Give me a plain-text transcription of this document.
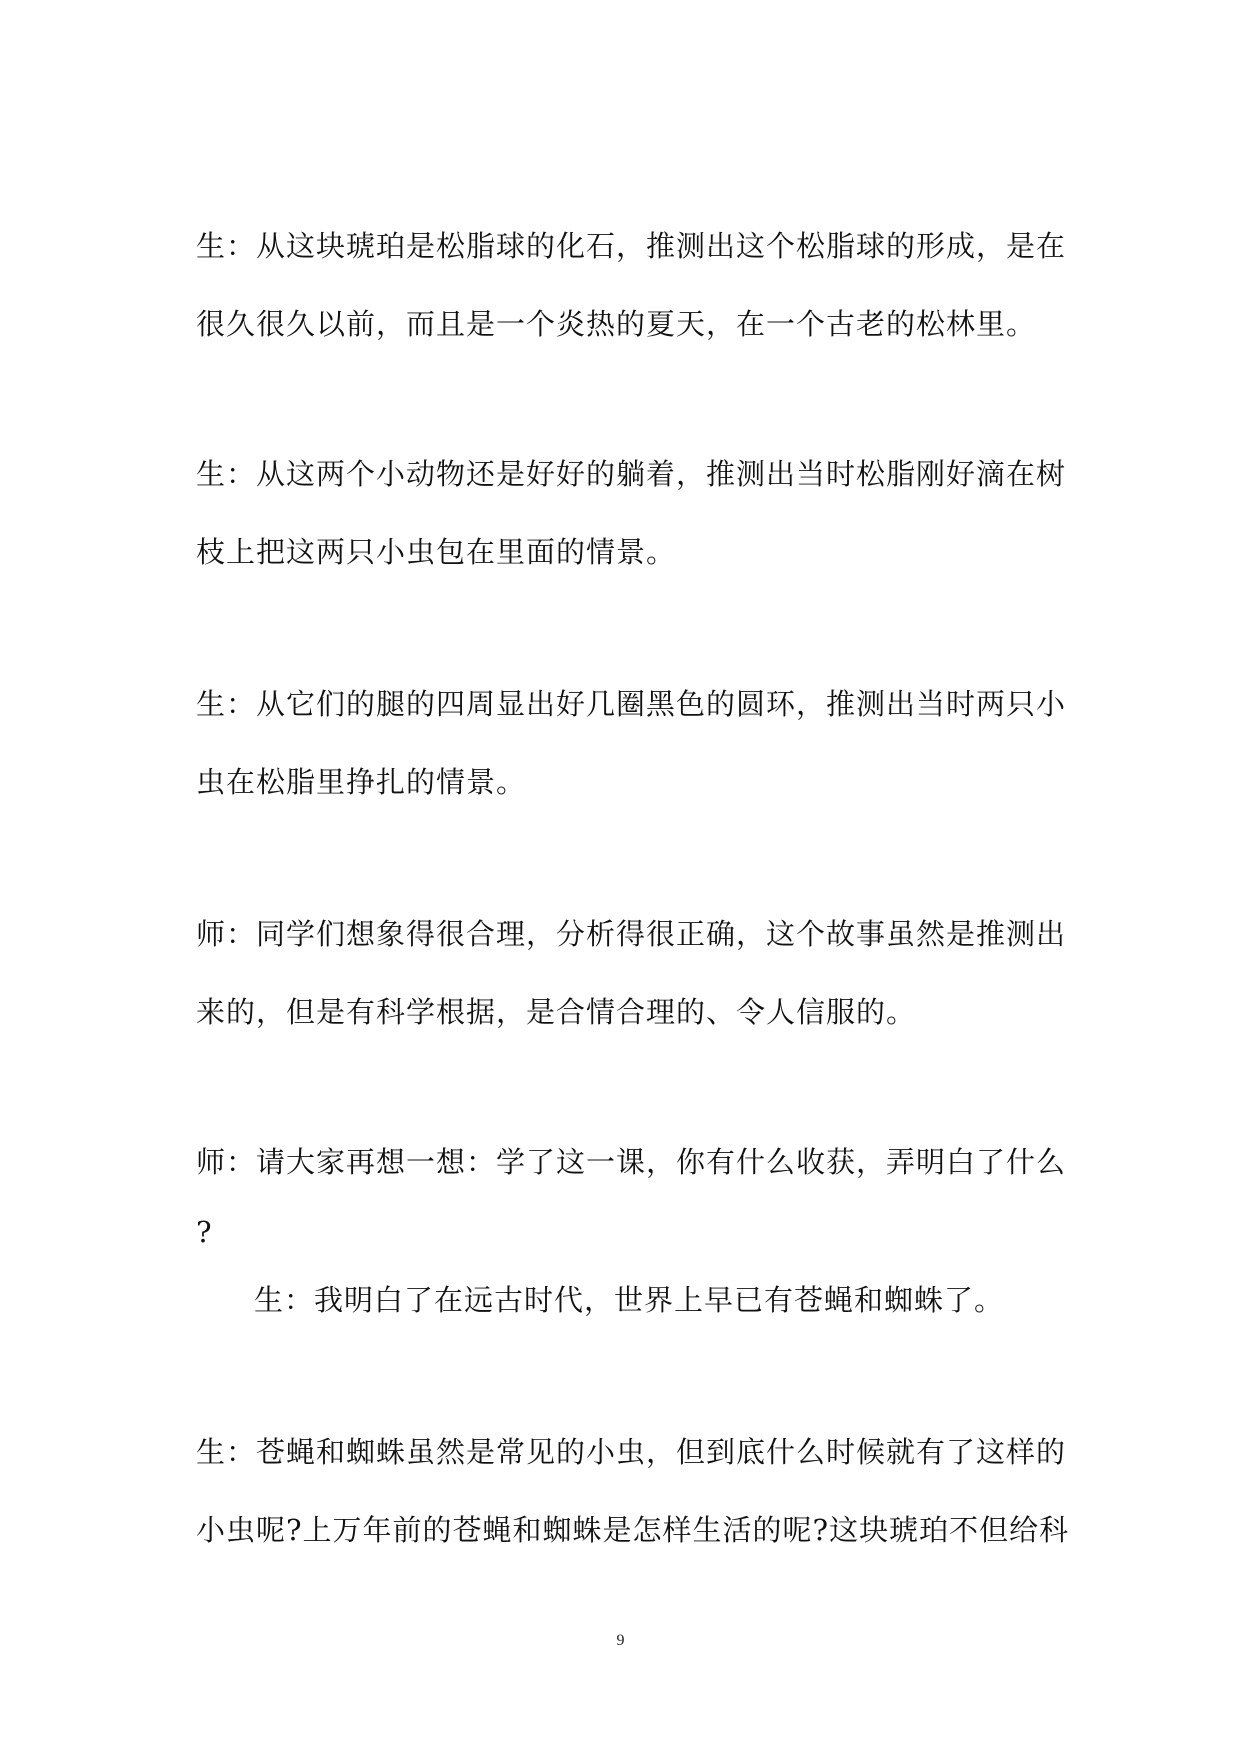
生：从这块琥珀是松脂球的化石，推测出这个松脂球的形成，是在
很久很久以前，而且是一个炎热的夏天，在一个古老的松林里。
生：从这两个小动物还是好好的躺着，推测出当时松脂刚好滴在树
枝上把这两只小虫包在里面的情景。
生：从它们的腿的四周显出好几圈黑色的圆环，推测出当时两只小
虫在松脂里挣扎的情景。
师：同学们想象得很合理，分析得很正确，这个故事虽然是推测出
来的，但是有科学根据，是合情合理的、令人信服的。
师：请大家再想一想：学了这一课，你有什么收获，弄明白了什么
?
生：我明白了在远古时代，世界上早已有苍蝇和蜘蛛了。
生：苍蝇和蜘蛛虽然是常见的小虫，但到底什么时候就有了这样的
小虫呢?上万年前的苍蝇和蜘蛛是怎样生活的呢?这块琥珀不但给科
9
